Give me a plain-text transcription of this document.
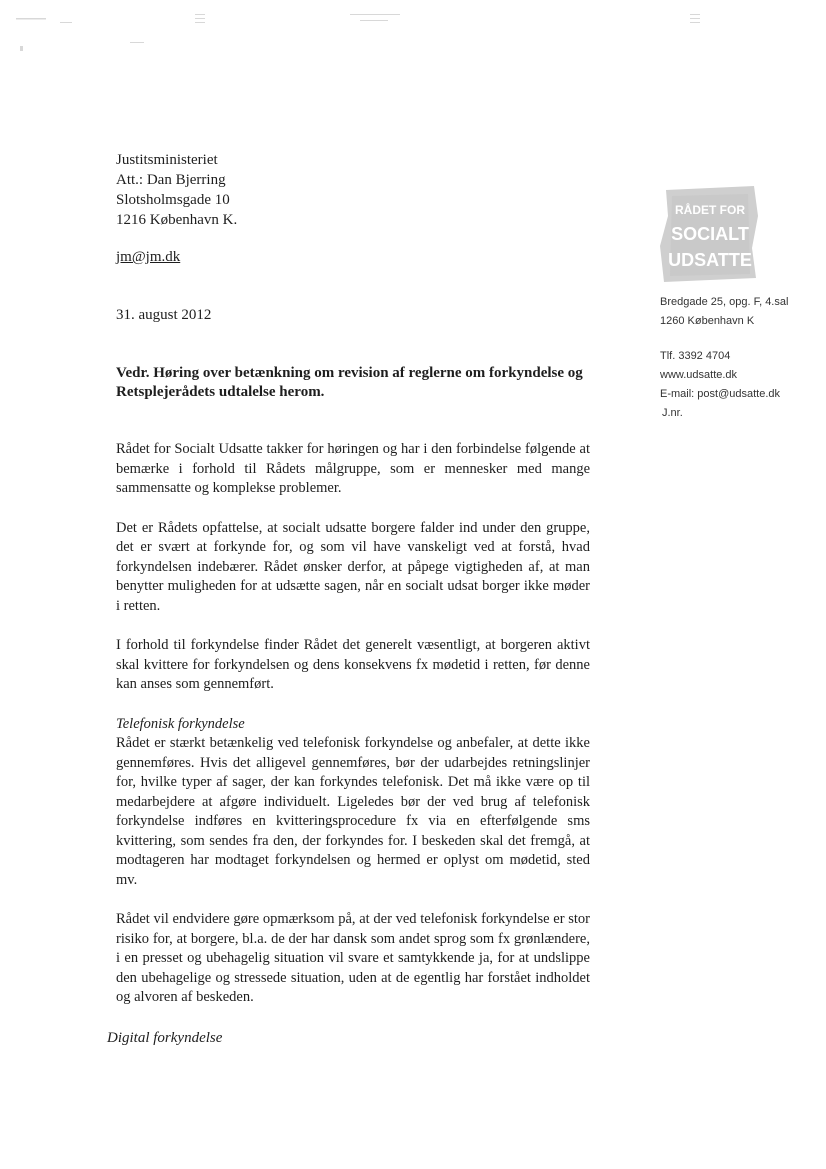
Justitsministeriet
Att.: Dan Bjerring
Slotsholmsgade 10
1216 København K.
jm@jm.dk
31. august 2012
Vedr. Høring over betænkning om revision af reglerne om forkyndelse og Retsplejerådets udtalelse herom.
RÅDET FOR
SOCIALT
UDSATTE
Bredgade 25, opg. F, 4.sal
1260 København K
Tlf. 3392 4704
www.udsatte.dk
E-mail: post@udsatte.dk
J.nr.

Rådet for Socialt Udsatte takker for høringen og har i den forbindelse følgende at bemærke i forhold til Rådets målgruppe, som er mennesker med mange sammensatte og komplekse problemer.

Det er Rådets opfattelse, at socialt udsatte borgere falder ind under den gruppe, det er svært at forkynde for, og som vil have vanskeligt ved at forstå, hvad forkyndelsen indebærer. Rådet ønsker derfor, at påpege vigtigheden af, at man benytter muligheden for at udsætte sagen, når en socialt udsat borger ikke møder i retten.

I forhold til forkyndelse finder Rådet det generelt væsentligt, at borgeren aktivt skal kvittere for forkyndelsen og dens konsekvens fx mødetid i retten, før denne kan anses som gennemført.

Telefonisk forkyndelse

Rådet er stærkt betænkelig ved telefonisk forkyndelse og anbefaler, at dette ikke gennemføres. Hvis det alligevel gennemføres, bør der udarbejdes retningslinjer for, hvilke typer af sager, der kan forkyndes telefonisk. Det må ikke være op til medarbejdere at afgøre individuelt. Ligeledes bør der ved brug af telefonisk forkyndelse indføres en kvitteringsprocedure fx via en efterfølgende sms kvittering, som sendes fra den, der forkyndes for. I beskeden skal det fremgå, at modtageren har modtaget forkyndelsen og hermed er oplyst om mødetid, sted mv.

Rådet vil endvidere gøre opmærksom på, at der ved telefonisk forkyndelse er stor risiko for, at borgere, bl.a. de der har dansk som andet sprog som fx grønlændere, i en presset og ubehagelig situation vil svare et samtykkende ja, for at undslippe den ubehagelige og stressede situation, uden at de egentlig har forstået indholdet og alvoren af beskeden.

Digital forkyndelse
